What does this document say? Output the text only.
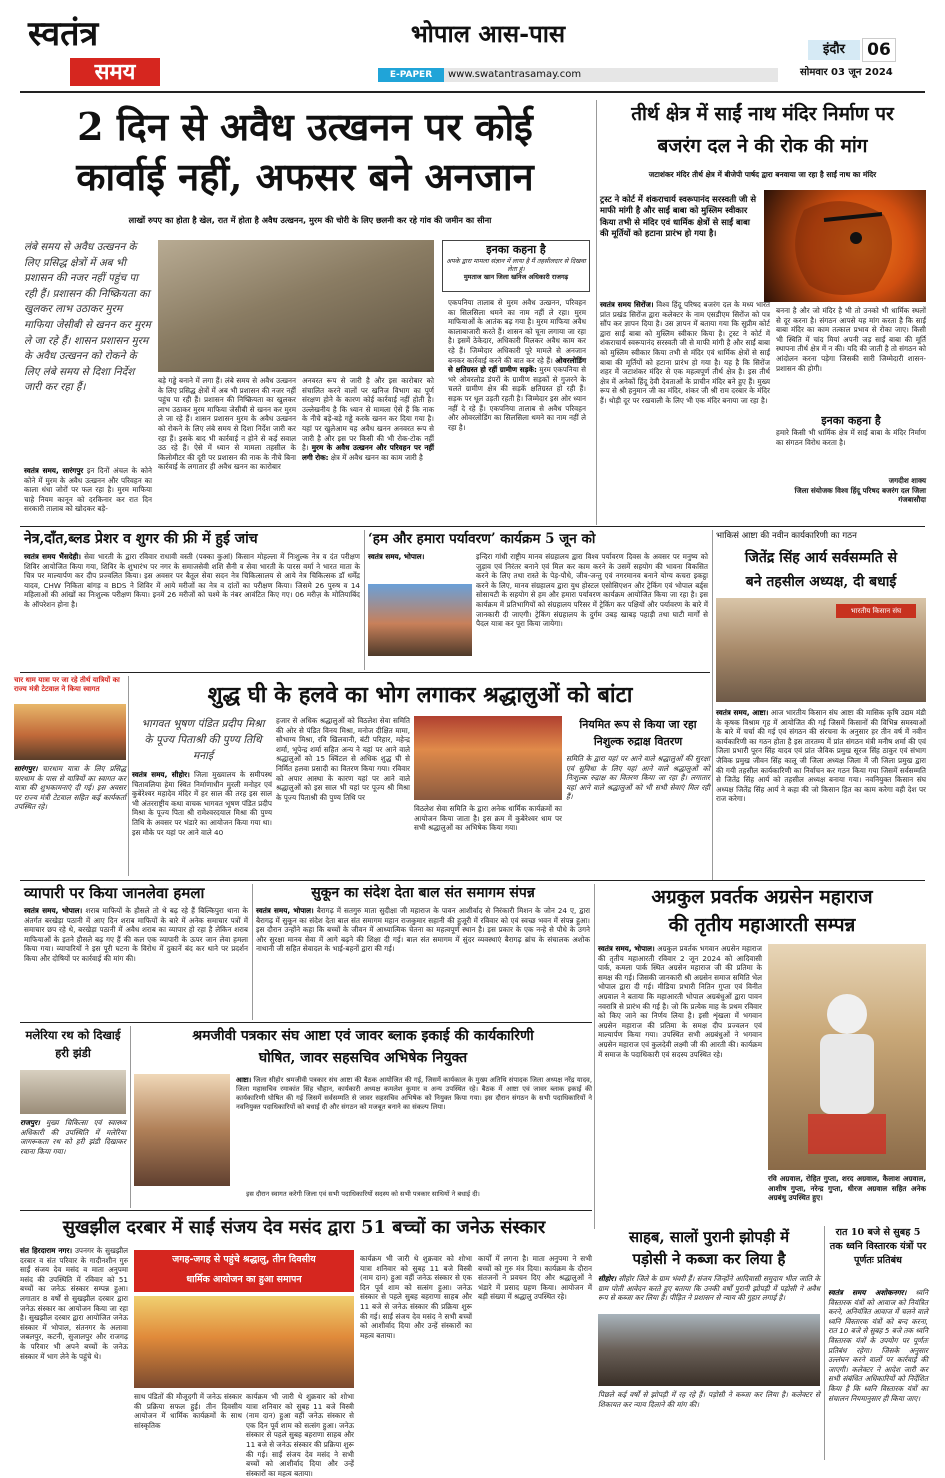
स्वतंत्र
समय
भोपाल आस-पास
E-PAPER	www.swatantrasamay.com
इंदौर	06
सोमवार 03 जून 2024
2 दिन से अवैध उत्खनन पर कोई
कार्वाई नहीं, अफसर बने अनजान
लाखों रुपए का होता है खेल, रात में होता है अवैध उत्खनन, मुरम की चोरी के लिए छलनी कर रहे गांव की जमीन का सीना
लंबे समय से अवैध उत्खनन के लिए प्रसिद्ध क्षेत्रों में अब भी प्रशासन की नजर नहीं पहुंच पा रही हैं। प्रशासन की निष्क्रियता का खुलकर लाभ उठाकर मुरम माफिया जेसीबी से खनन कर मुरम ले जा रहे हैं। शासन प्रशासन मुरम के अवैध उत्खनन को रोकने के लिए लंबे समय से दिशा निर्देश जारी कर रहा हैं।
स्वतंत्र समय, सारंगपुर इन दिनों अंचल के कोने कोने में मुरम के अवैध उत्खनन और परिवहन का काला धंधा जोरों पर फल रहा है। मुरम माफिया चाहे नियम कानून को दरकिनार कर रात दिन सरकारी तालाब को खोदकर बड़े-
बड़े गड्ढे बनाने में लगा हैं। लंबे समय से अवैध उत्खनन के लिए प्रसिद्ध क्षेत्रों में अब भी प्रशासन की नजर नहीं पहुंच पा रही हैं। प्रशासन की निष्क्रियता का खुलकर लाभ उठाकर मुरम माफिया जेसीबी से खनन कर मुरम ले जा रहे हैं। शासन प्रशासन मुरम के अवैध उत्खनन को रोकने के लिए लंबे समय से दिशा निर्देश जारी कर रहा हैं। इसके बाद भी कार्रवाई न होने से कई सवाल उठ रहे हैं। ऐसे में ध्यान से मामला तहसील के किलोमीटर की दूरी पर प्रशासन की नाक के नीचे बिना कार्रवाई के लगातार ही अवैध खनन का कारोबार
अनवरत रूप से जारी है और इस कारोबार को संचालित करने वालों पर खनिज विभाग का पूर्ण संरक्षण होने के कारण कोई कार्रवाई नहीं होती है। उल्लेखनीय है कि ध्यान से मामला ऐसे हैं कि नाक के नीचे बड़े-बड़े गड्ढे करके खनन कर दिया गया है। यहां पर खुलेआम यह अवैध खनन अनवरत रूप से जारी है और इस पर किसी की भी रोक-टोक नहीं है। मुरम के अवैध उत्खनन और परिवहन पर नहीं लगी रोक: क्षेत्र में अवैध खनन का काम जारी है
इनका कहना है
अपके द्वारा मामला संज्ञान में लाया है मैं तहसीलदार से दिखवा लेता हूं।
मुमताज खान जिला खनिज अधिकारी राजगढ़
एकपनिया तालाब से मुरम अवैध उत्खनन, परिवहन का सिलसिला थमने का नाम नहीं ले रहा। मुरम माफियाओं के आतंक बढ़ गया है। मुरम माफिया अवैध कालाबाजारी करते हैं। शासन को चूना लगाया जा रहा है। इसमें ठेकेदार, अधिकारी मिलकर अवैध काम कर रहे हैं। जिम्मेदार अधिकारी पूरे मामले से अनजान बनकर कार्रवाई करने की बात कर रहे हैं। ओवरलोडिंग से क्षतिग्रस्त हो रहीं ग्रामीण सड़कें: मुरम एकपनिया से भरे ओवरलोड डंपरों के ग्रामीण सड़कों से गुजरने के चलते ग्रामीण क्षेत्र की सड़कें क्षतिग्रस्त हो रही हैं। सड़क पर धूल उड़ती रहती है। जिम्मेदार इस ओर ध्यान नहीं दे रहे हैं। एकपनिया तालाब से अवैध परिवहन और ओवरलोडिंग का सिलसिला थमने का नाम नहीं ले रहा है।
तीर्थ क्षेत्र में साईं नाथ मंदिर निर्माण पर
बजरंग दल ने की रोक की मांग
जटाशंकर मंदिर तीर्थ क्षेत्र में बीजेपी पार्षद द्वारा बनवाया जा रहा है साईं नाथ का मंदिर
ट्रस्ट ने कोर्ट में शंकराचार्य स्वरूपानंद सरस्वती जी से माफी मांगी है और साईं बाबा को मुस्लिम स्वीकार किया तभी से मंदिर एवं धार्मिक क्षेत्रों से साईं बाबा की मूर्तियों को हटाना प्रारंभ हो गया है।
स्वतंत्र समय सिरोंज। विश्व हिंदू परिषद बजरंग दल के मध्य भारत प्रांत प्रखंड सिरोंज द्वारा कलेक्टर के नाम एसडीएम सिरोंज को पत्र सौंप कर ज्ञापन दिया है। उस ज्ञापन में बताया गया कि सुप्रीम कोर्ट द्वारा साईं बाबा को मुस्लिम स्वीकार किया है। ट्रस्ट ने कोर्ट में शंकराचार्य स्वरूपानंद सरस्वती जी से माफी मांगी है और साईं बाबा को मुस्लिम स्वीकार किया तभी से मंदिर एवं धार्मिक क्षेत्रों से साईं बाबा की मूर्तियों को हटाना प्रारंभ हो गया है। यह है कि सिरोंज शहर में जटाशंकर मंदिर से एक महत्वपूर्ण तीर्थ क्षेत्र है। इस तीर्थ क्षेत्र में अनेकों हिंदू देवी देवताओं के प्राचीन मंदिर बने हुए हैं। मुख्य रूप से श्री हनुमान जी का मंदिर, शंकर जी श्री राम दरबार के मंदिर हैं। थोड़ी दूर पर रखवाली के लिए भी एक मंदिर बनाया जा रहा है।
बनना है और जो मंदिर है भी तो उनको भी धार्मिक स्थलों से दूर करना है। संगठन आपसे यह मांग करता है कि साईं बाबा मंदिर का काम तत्काल प्रभाव से रोका जाए। किसी भी स्थिति में चांद मियां अपनी जड़ साईं बाबा की मूर्ति स्थापना तीर्थ क्षेत्र में न की। यदि की जाती है तो संगठन को आंदोलन करना पड़ेगा जिसकी सारी जिम्मेदारी शासन-प्रशासन की होगी।
इनका कहना है
हमारे किसी भी धार्मिक क्षेत्र में साईं बाबा के मंदिर निर्माण का संगठन विरोध करता है।
जगदीश शाक्य
जिला संयोजक विश्व हिंदू परिषद बजरंग दल जिला गंजबासौदा
नेत्र,दाँत,ब्लड प्रेशर व शुगर की फ्री में हुई जांच
स्वतंत्र समय भैंसदेही। सेवा भारती के द्वारा रविवार राधावी वस्ती (पक्का कुआं) किसान मोहल्ला में निःशुल्क नेत्र व दंत परीक्षण शिविर आयोजित किया गया, शिविर के शुभारंभ पर नगर के समाजसेवी शशि सैनी व सेवा भारती के पारस वर्मा ने भारत माता के चित्र पर माल्यार्पण कर दीप प्रज्वलित किया। इस अवसर पर बैतूल सेवा सदन नेत्र चिकित्सालय से आये नेत्र चिकित्सक डॉ धर्मेंद्र यादव, CHW निकिता बांगड़ व BDS ने शिविर में आये मरीजों का नेत्र व दांतों का परीक्षण किया। जिसमे 26 पुरुष व 14 महिलाओं की आंखों का निःशुल्क परीक्षण किया। इनमें 26 मरीजों को चश्मे के नंबर आवंटित किए गए। 06 मरीज़ के मोतियाबिंद के ऑपरेशन होना है।
‘हम और हमारा पर्यावरण’ कार्यक्रम 5 जून को
स्वतंत्र समय, भोपाल।	इन्दिरा गांधी राष्ट्रीय मानव संग्रहालय द्वारा विश्व पर्यावरण दिवस के अवसर पर मनुष्य को जुड़ाव एवं निरंतर बनाने एवं मिल कर काम करने के उसमें सहयोग की भावना विकसित करने के लिए तथा रास्ते के पेड़-पौधे, जीव-जन्तु एवं नगरमानव बनाने योग्य कचरा इकट्ठा करने के लिए, मानव संग्रहालय द्वारा युथ होस्टल एसोसिएशन और ट्रेकिंग एवं भोपाल बर्ड्स सोसायटी के सहयोग से हम और हमारा पर्यावरण कार्यक्रम आयोजित किया जा रहा है। इस कार्यक्रम में प्रतिभागियों को संग्रहालय परिसर में ट्रेकिंग कर पक्षियों और पर्यावरण के बारे में जानकारी दी जाएगी। ट्रेकिंग संग्रहालय के दुर्गम उबड़ खाबड़ पहाड़ी तथा घाटी मार्गों से पैदल यात्रा कर पूरा किया जायेगा।
भाकिसं आष्टा की नवीन कार्यकारिणी का गठन
जितेंद्र सिंह आर्य सर्वसम्मति से
बने तहसील अध्यक्ष, दी बधाई
भारतीय किसान संघ
स्वतंत्र समय, आष्टा। आज भारतीय किसान संघ आष्टा की मासिक कृषि उद्यम मंडी के कृषक विश्राम गृह में आयोजित की गई जिसमें किसानों की विभिन्न समस्याओं के बारे में चर्चा की गई एवं संगठन की संरचना के अनुसार हर तीन वर्ष में नवीन कार्यकारिणी का गठन होता है इस तारतम्य में प्रांत संगठन मंत्री मनीष शर्मा की एवं जिला प्रभारी पूरन सिंह यादव एवं प्रांत जैविक प्रमुख सूरज सिंह ठाकुर एवं संभाग जैविक प्रमुख जीवन सिंह कालू जी जिला अध्यक्ष जिला में जी जिला प्रमुख द्वारा की गयी तहसील कार्यकारिणी का निर्वाचन कर गठन किया गया जिसमें सर्वसम्मति से जितेंद्र सिंह आर्य को तहसील अध्यक्ष बनाया गया। नवनियुक्त किसान संघ अध्यक्ष जितेंद्र सिंह आर्य ने कहा की जो किसान हित का काम करेगा वही देश पर राज करेगा।
चार धाम यात्रा पर जा रहे तीर्थ यात्रियों का राज्य मंत्री टेटवाल ने किया स्वागत
सारंगपुर। चारधाम यात्रा के लिए प्रसिद्ध चारधाम के पास से यात्रियों का स्वागत कर यात्रा की शुभकामनाएं दी गई। इस अवसर पर राज्य मंत्री टेटवाल सहित कई कार्यकर्ता उपस्थित रहे।
शुद्ध घी के हलवे का भोग लगाकर श्रद्धालुओं को बांटा
भागवत भूषण पंडित प्रदीप मिश्रा के पूज्य पिताश्री की पुण्य तिथि मनाई
स्वतंत्र समय, सीहोर। जिला मुख्यालय के समीपस्थ चितावलिया हेमा स्थित निर्माणाधीन मुरली मनोहर एवं कुबेरेश्वर महादेव मंदिर में हर साल की तरह इस साल भी अंतरराष्ट्रीय कथा वाचक भागवत भूषण पंडित प्रदीप मिश्रा के पूज्य पिता श्री रामेश्वरदयाल मिश्रा की पुण्य तिथि के अवसर पर भंडारे का आयोजन किया गया था। इस मौके पर यहां पर आने वाले 40
हजार से अधिक श्रद्धालुओं को विठलेश सेवा समिति की ओर से पंडित विनय मिश्रा, मनोज दीक्षित मामा, सौभाग्य मिश्रा, रवि खिलवानी, बंटी परिहार, महेन्द्र शर्मा, भूपेन्द्र शर्मा सहित अन्य ने यहां पर आने वाले श्रद्धालुओं को 15 क्विंटल से अधिक शुद्ध घी से निर्मित हलवा प्रसादी का वितरण किया गया। रविवार को अपार आस्था के कारण यहां पर आने वाले श्रद्धालुओं को इस साल भी यहां पर पूज्य श्री मिश्रा के पूज्य पिताश्री की पुण्य तिथि पर
विठलेश सेवा समिति के द्वारा अनेक धार्मिक कार्यक्रमों का आयोजन किया जाता है। इस क्रम में कुबेरेश्वर धाम पर सभी श्रद्धालुओं का अभिषेक किया गया।
नियमित रूप से किया जा रहा निशुल्क रुद्राक्ष वितरण
समिति के द्वारा यहां पर आने वाले श्रद्धालुओं की सुरक्षा एवं सुविधा के लिए यहां आने वाले श्रद्धालुओं को निःशुल्क रुद्राक्ष का वितरण किया जा रहा है। लगातार यहां आने वाले श्रद्धालुओं को भी सभी सेवाएं मिल रही हैं।
व्यापारी पर किया जानलेवा हमला
स्वतंत्र समय, भोपाल। शराब माफियों के हौसले तो थे बढ़ रहे हैं बिल्किपुरा थाना के अंतर्गत बरखेड़ा पठानी में आए दिन शराब माफियों के बारे में अनेक समाचार पत्रों में समाचार छप रहे थे, बरखेड़ा पठानी में अवैध शराब का व्यापार हो रहा है लेकिन शराब माफियाओं के इतने हौसले बढ़ गए हैं की कल एक व्यापारी के ऊपर जान लेवा हमला किया गया। व्यापारियों ने इस पूरी घटना के विरोध में दुकानें बंद कर थाने पर प्रदर्शन किया और दोषियों पर कार्रवाई की मांग की।
सुकून का संदेश देता बाल संत समागम संपन्न
स्वतंत्र समय, भोपाल। बैरागढ़ में सतगुरु माता सुदीक्षा जी महाराज के पावन आशीर्वाद से निरंकारी मिशन के जोन 24 ए, द्वारा बैरागढ़ में सुकून का संदेश देता बाल संत समागम महान राजकुमार सहानी की हुजूरी में रविवार को एवं स्वच्छ भवन में संपन्न हुआ। इस दौरान उन्होंने कहा कि बच्चों के जीवन में आध्यात्मिक चेतना का महत्वपूर्ण स्थान है। इस प्रकार के एक नन्हे से पौधे के उगने और सुरक्षा मानव सेवा में आगे बढ़ने की शिक्षा दी गई। बाल संत समागम में सुंदर व्यवस्थाएं बैरागढ़ ब्रांच के संचालक अशोक नाथानी जी सहित सेवादल के भाई-बहनों द्वारा की गई।
अग्रकुल प्रवर्तक अग्रसेन महाराज
की तृतीय महाआरती सम्पन्न
स्वतंत्र समय, भोपाल। अग्रकुल प्रवर्तक भगवान अग्रसेन महाराज की तृतीय महाआरती रविवार 2 जून 2024 को आदिवासी पार्क, कमला पार्क स्थित अग्रसेन महाराज जी की प्रतिमा के समक्ष की गई। जिसकी जानकारी श्री अग्रसेन समाज समिति भेल भोपाल द्वारा दी गई। मीडिया प्रभारी नितिन गुप्ता एवं विनीत अग्रवाल ने बताया कि महाआरती भोपाल अग्रबंधुओं द्वारा पावन नवरात्रि से प्रारंभ की गई है। जो कि प्रत्येक माह के प्रथम रविवार को किए जाने का निर्णय लिया है। इसी शृंखला में भगवान अग्रसेन महाराज की प्रतिमा के समक्ष दीप प्रज्वलन एवं माल्यार्पण किया गया। उपस्थित सभी अग्रबंधुओं ने भगवान अग्रसेन महाराज एवं कुलदेवी लक्ष्मी जी की आरती की। कार्यक्रम में समाज के पदाधिकारी एवं सदस्य उपस्थित रहे।
रवि अग्रवाल, रोहित गुप्ता, शरद अग्रवाल, कैलाश अग्रवाल, आशीष गुप्ता, नरेन्द्र गुप्ता, धीरज अग्रवाल सहित अनेक अग्रबंधु उपस्थित हुए।
मलेरिया रथ को दिखाई हरी झंडी
राजपुर। मुख्य चिकित्सा एवं स्वास्थ्य अधिकारी की उपस्थिति में मलेरिया जागरूकता रथ को हरी झंडी दिखाकर रवाना किया गया।
श्रमजीवी पत्रकार संघ आष्टा एवं जावर ब्लाक इकाई की कार्यकारिणी
घोषित, जावर सहसचिव अभिषेक नियुक्त
आष्टा। जिला सीहोर श्रमजीवी पत्रकार संघ आष्टा की बैठक आयोजित की गई, जिसमें कार्यकाल के मुख्य अतिथि संपादक जिला अध्यक्ष नरेंद्र यादव, जिला महासचिव रमाकांत सिंह चौहान, कार्यकारी अध्यक्ष कमलेश कुमार व अन्य उपस्थित रहे। बैठक में आष्टा एवं जावर ब्लाक इकाई की कार्यकारिणी घोषित की गई जिसमें सर्वसम्मति से जावर सहसचिव अभिषेक को नियुक्त किया गया। इस दौरान संगठन के सभी पदाधिकारियों ने नवनियुक्त पदाधिकारियों को बधाई दी और संगठन को मजबूत बनाने का संकल्प लिया।
इस दौरान स्वागत करेगी जिला एवं सभी पदाधिकारियों सदस्य को सभी पत्रकार साथियों ने बधाई दी।
साहब, सालों पुरानी झोपड़ी में
पड़ोसी ने कब्जा कर लिया है
सीहोर। सीहोर जिले के ग्राम भंवरी हैं। संजय जिन्होंने आदिवासी समुदाय भील जाति के ग्राम पोती आवेदन करते हुए बताया कि उनकी वर्षों पुरानी झोपड़ी में पड़ोसी ने अवैध रूप से कब्जा कर लिया है। पीड़ित ने प्रशासन से न्याय की गुहार लगाई है।
पिछले कई वर्षों से झोपड़ी में रह रहे हैं। पड़ोसी ने कब्जा कर लिया है। कलेक्टर से शिकायत कर न्याय दिलाने की मांग की।
रात 10 बजे से सुबह 5 तक ध्वनि विस्तारक यंत्रों पर पूर्णतः प्रतिबंध
स्वतंत्र समय अशोकनगर। ध्वनि विस्तारक यंत्रों को आवाज को नियंत्रित करने, अनियंत्रित आवाज में चलने वाले ध्वनि विस्तारक यंत्रों को बन्द करना, रात 10 बजे से सुबह 5 बजे तक ध्वनि विस्तारक यंत्रों के उपयोग पर पूर्णतः प्रतिबंध रहेगा। जिसके अनुसार उल्लंघन करने वालों पर कार्रवाई की जाएगी। कलेक्टर ने आदेश जारी कर सभी संबंधित अधिकारियों को निर्देशित किया है कि ध्वनि विस्तारक यंत्रों का संचालन नियमानुसार ही किया जाए।
सुखझील दरबार में साईं संजय देव मसंद द्वारा 51 बच्चों का जनेऊ संस्कार
संत हिरदाराम नगर। उपनगर के सुखझील दरबार व संत परिवार के गादीनशीन गुरु साईं संजय देव मसंद व माता अनुपमा मसंद की उपस्थिति में रविवार को 51 बच्चों का जनेऊ संस्कार सम्पन्न हुआ। लगातार 8 वर्षों से सुखझील दरबार द्वारा जनेऊ संस्कार का आयोजन किया जा रहा है। सुखझील दरबार द्वारा आयोजित जनेऊ संस्कार में भोपाल, संतनगर के अलावा जबलपुर, कटनी, सुजालपुर और राजगढ़ के परिवार भी अपने बच्चों के जनेऊ संस्कार में भाग लेने के पहुंचे थे।
जगह-जगह से पहुंचे श्रद्धालु, तीन दिवसीय
धार्मिक आयोजन का हुआ समापन
साथ पंडितों की मौजूदगी में जनेऊ संस्कार की प्रक्रिया सफल हुई। तीन दिवसीय आयोजन में धार्मिक कार्यक्रमों के साथ सांस्कृतिक
कार्यक्रम भी जारी थे शुक्रवार को शोभा यात्रा शनिवार को सुबह 11 बजे विस्त्री (नाम दान) हुआ वहीं जनेऊ संस्कार से एक दिन पूर्व शाम को सत्संग हुआ। जनेऊ संस्कार से पहले सुबह बहराणा साहब और 11 बजे से जनेऊ संस्कार की प्रक्रिया शुरू की गई। साईं संजय देव मसंद ने सभी बच्चों को आशीर्वाद दिया और उन्हें संस्कारों का महत्व बताया।
कार्यक्रम भी जारी थे शुक्रवार को शोभा यात्रा शनिवार को सुबह 11 बजे विस्त्री (नाम दान) हुआ वहीं जनेऊ संस्कार से एक दिन पूर्व शाम को सत्संग हुआ। जनेऊ संस्कार से पहले सुबह बहराणा साहब और 11 बजे से जनेऊ संस्कार की प्रक्रिया शुरू की गई। साईं संजय देव मसंद ने सभी बच्चों को आशीर्वाद दिया और उन्हें संस्कारों का महत्व बताया।
कार्यों में लगना है। माता अनुपमा ने सभी बच्चों को गुरु मंत्र दिया। कार्यक्रम के दौरान संतजनों ने प्रवचन दिए और श्रद्धालुओं ने भंडारे में प्रसाद ग्रहण किया। आयोजन में बड़ी संख्या में श्रद्धालु उपस्थित रहे।
